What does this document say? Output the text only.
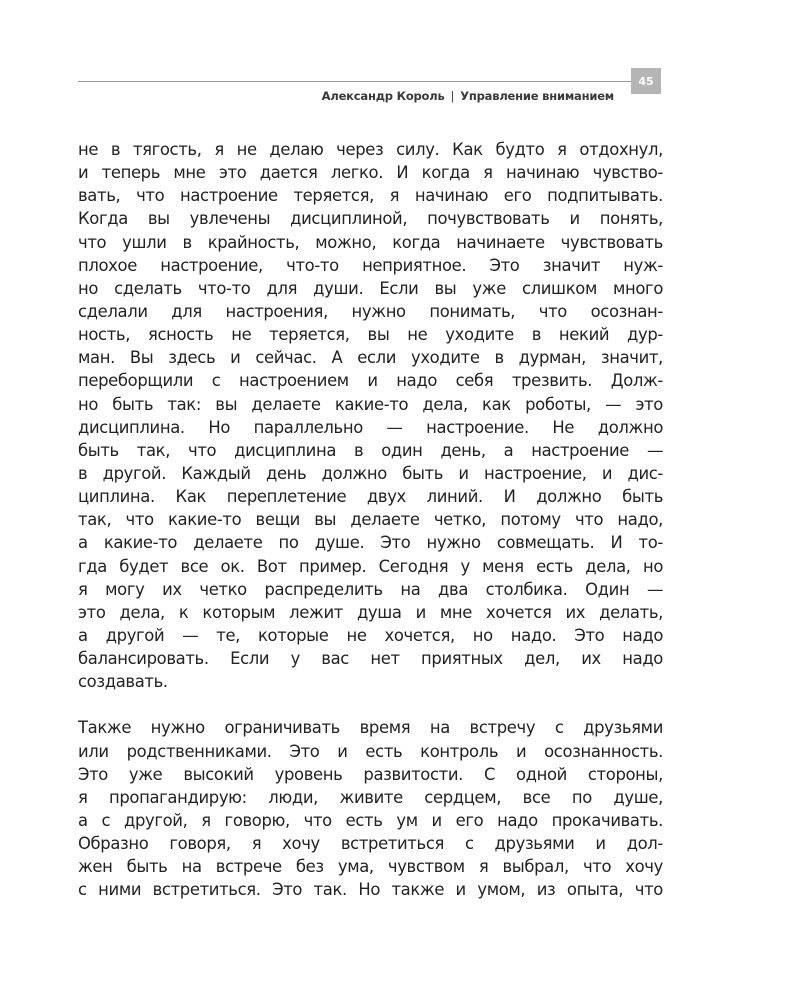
45
Александр Король | Управление вниманием
не в тягость, я не делаю через силу. Как будто я отдохнул,
и теперь мне это дается легко. И когда я начинаю чувство-
вать, что настроение теряется, я начинаю его подпитывать.
Когда вы увлечены дисциплиной, почувствовать и понять,
что ушли в крайность, можно, когда начинаете чувствовать
плохое настроение, что-то неприятное. Это значит нуж-
но сделать что-то для души. Если вы уже слишком много
сделали для настроения, нужно понимать, что осознан-
ность, ясность не теряется, вы не уходите в некий дур-
ман. Вы здесь и сейчас. А если уходите в дурман, значит,
переборщили с настроением и надо себя трезвить. Долж-
но быть так: вы делаете какие-то дела, как роботы, — это
дисциплина. Но параллельно — настроение. Не должно
быть так, что дисциплина в один день, а настроение —
в другой. Каждый день должно быть и настроение, и дис-
циплина. Как переплетение двух линий. И должно быть
так, что какие-то вещи вы делаете четко, потому что надо,
а какие-то делаете по душе. Это нужно совмещать. И то-
гда будет все ок. Вот пример. Сегодня у меня есть дела, но
я могу их четко распределить на два столбика. Один —
это дела, к которым лежит душа и мне хочется их делать,
а другой — те, которые не хочется, но надо. Это надо
балансировать. Если у вас нет приятных дел, их надо
создавать.
Также нужно ограничивать время на встречу с друзьями
или родственниками. Это и есть контроль и осознанность.
Это уже высокий уровень развитости. С одной стороны,
я пропагандирую: люди, живите сердцем, все по душе,
а с другой, я говорю, что есть ум и его надо прокачивать.
Образно говоря, я хочу встретиться с друзьями и дол-
жен быть на встрече без ума, чувством я выбрал, что хочу
с ними встретиться. Это так. Но также и умом, из опыта, что
